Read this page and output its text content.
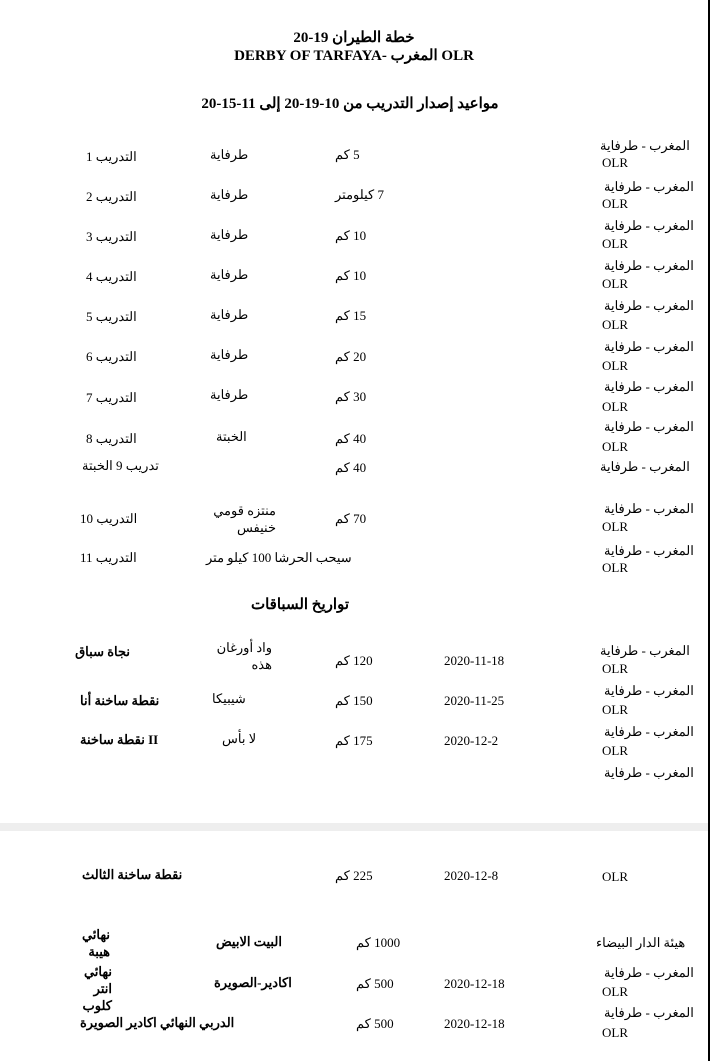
خطة الطيران 19-20
DERBY OF TARFAYA- المغرب OLR
مواعيد إصدار التدريب من 10-19-20 إلى 11-15-20
المغرب - طرفاية
OLR
5 كم
طرفاية
التدريب 1
المغرب - طرفاية
OLR
7 كيلومتر
طرفاية
التدريب 2
المغرب - طرفاية
OLR
10 كم
طرفاية
التدريب 3
المغرب - طرفاية
OLR
10 كم
طرفاية
التدريب 4
المغرب - طرفاية
OLR
15 كم
طرفاية
التدريب 5
المغرب - طرفاية
OLR
20 كم
طرفاية
التدريب 6
المغرب - طرفاية
OLR
30 كم
طرفاية
التدريب 7
المغرب - طرفاية
OLR
40 كم
الخبتة
التدريب 8
المغرب - طرفاية
40 كم
تدريب 9 الخبتة
المغرب - طرفاية
OLR
70 كم
منتزه قومي خنيفس
التدريب 10
المغرب - طرفاية
OLR
سيحب الحرشا 100 كيلو متر
التدريب 11
تواريخ السباقات
المغرب - طرفاية
OLR
2020-11-18
120 كم
واد أورغان هذه
نجاة سباق
المغرب - طرفاية
OLR
2020-11-25
150 كم
شيبيكا
نقطة ساخنة أنا
المغرب - طرفاية
OLR
2020-12-2
175 كم
لا بأس
نقطة ساخنة II
المغرب - طرفاية
OLR
2020-12-8
225 كم
نقطة ساخنة الثالث
هيئة الدار البيضاء
1000 كم
البيت الابيض
نهائي هيبة
المغرب - طرفاية
OLR
2020-12-18
500 كم
اكادير-الصويرة
نهائي انتر كلوب	المغرب - طرفاية
OLR
2020-12-18
500 كم
الدربي النهائي اكادير الصويرة
